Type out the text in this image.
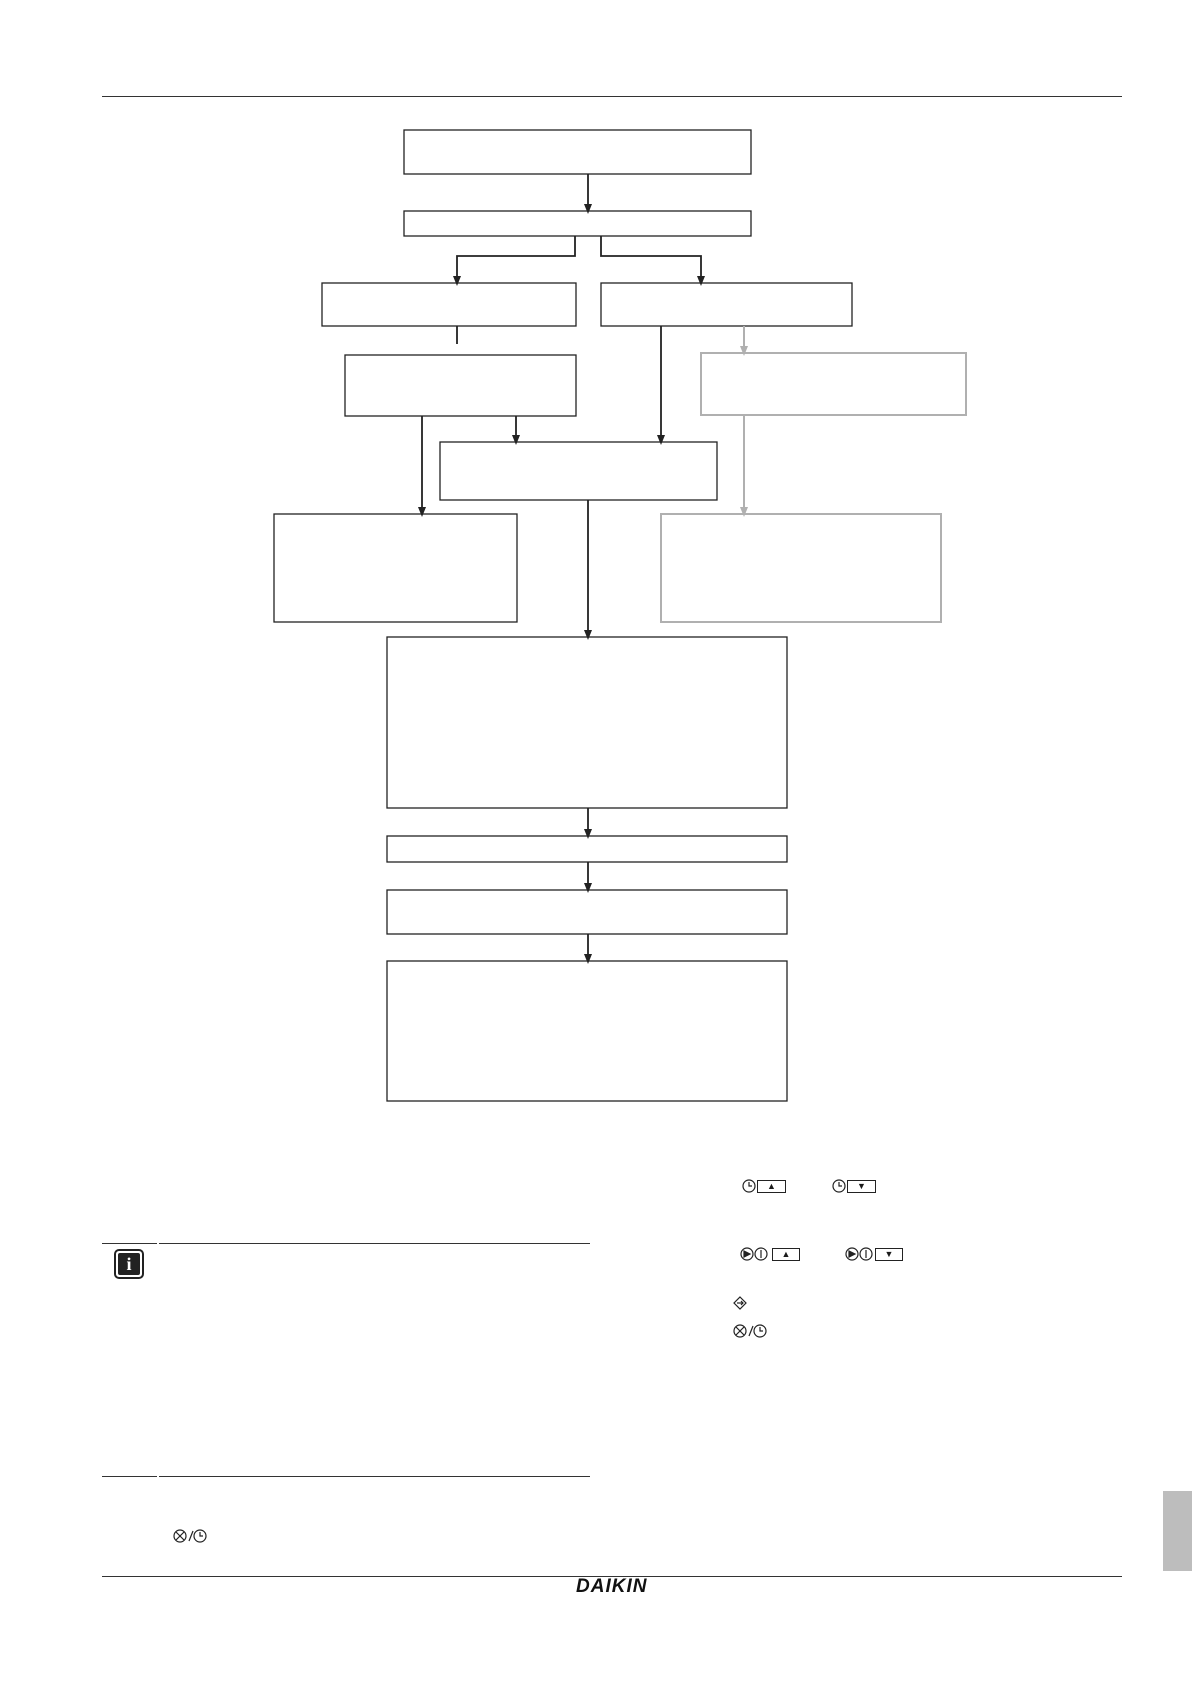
i
▲	▼
▲	▼
DAIKIN
